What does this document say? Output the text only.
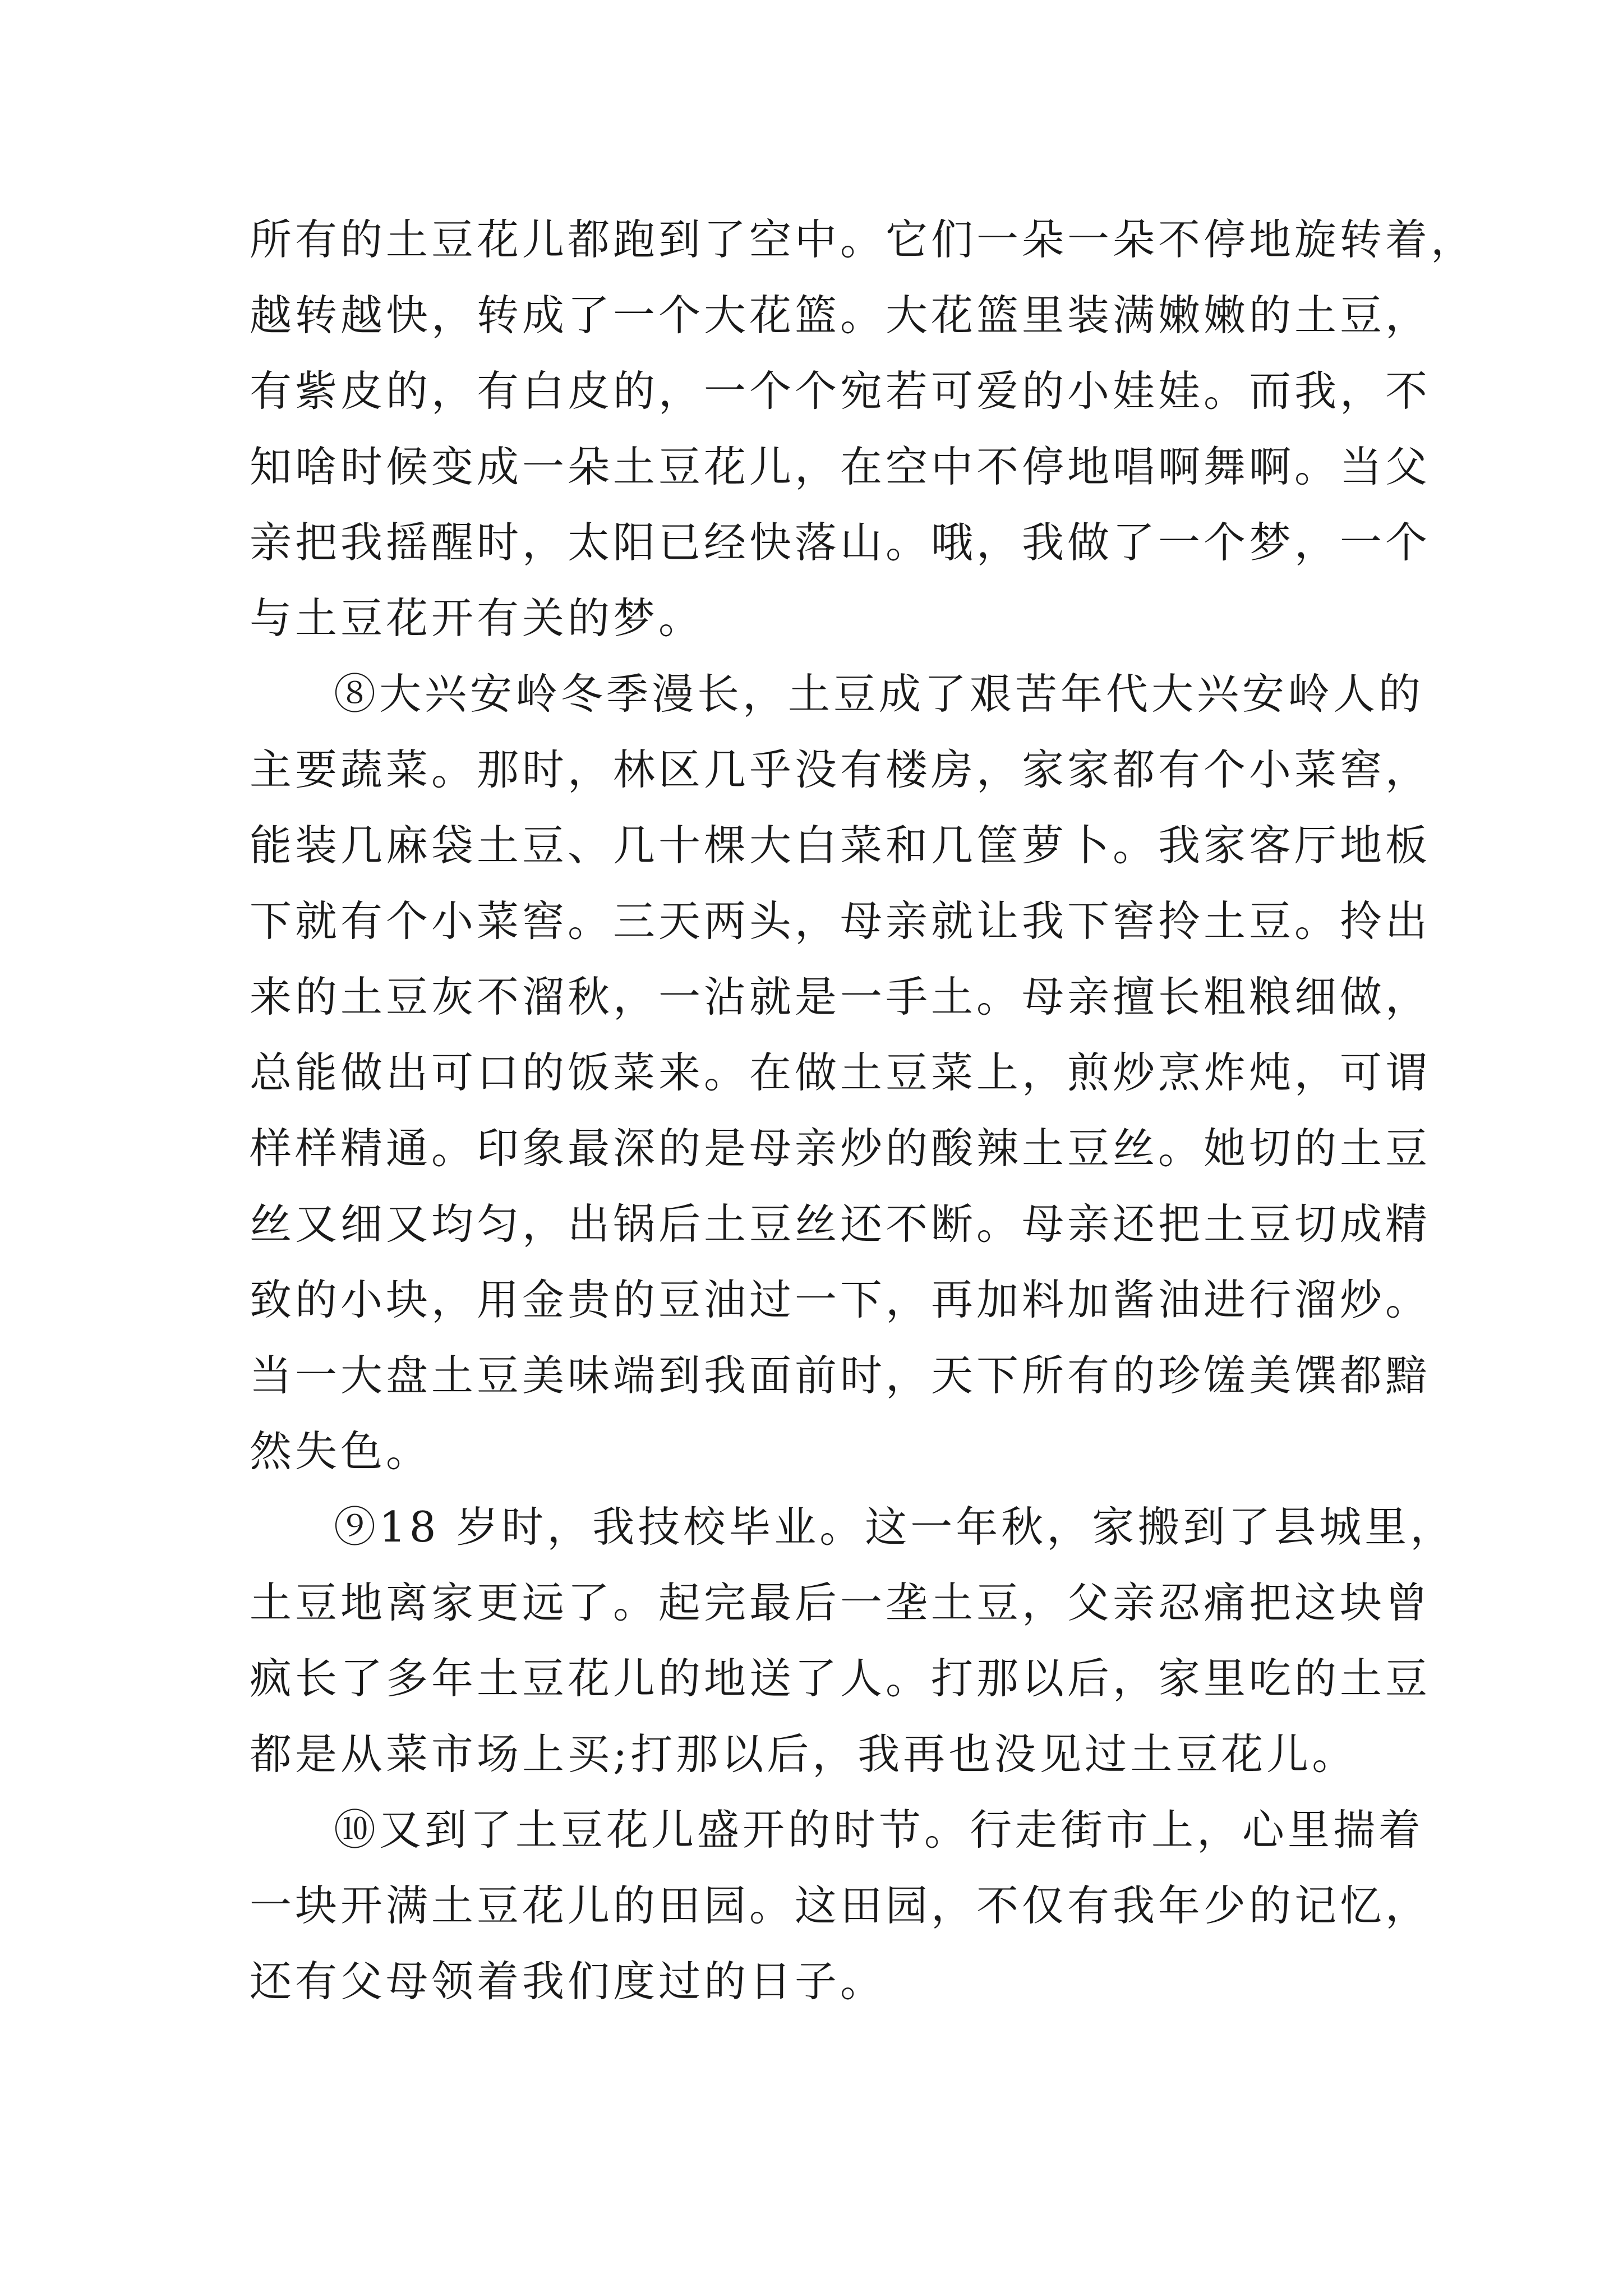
所有的土豆花儿都跑到了空中。它们一朵一朵不停地旋转着，
越转越快，转成了一个大花篮。大花篮里装满嫩嫩的土豆，
有紫皮的，有白皮的，一个个宛若可爱的小娃娃。而我，不
知啥时候变成一朵土豆花儿，在空中不停地唱啊舞啊。当父
亲把我摇醒时，太阳已经快落山。哦，我做了一个梦，一个
与土豆花开有关的梦。
⑧大兴安岭冬季漫长，土豆成了艰苦年代大兴安岭人的
主要蔬菜。那时，林区几乎没有楼房，家家都有个小菜窖，
能装几麻袋土豆、几十棵大白菜和几筐萝卜。我家客厅地板
下就有个小菜窖。三天两头，母亲就让我下窖拎土豆。拎出
来的土豆灰不溜秋，一沾就是一手土。母亲擅长粗粮细做，
总能做出可口的饭菜来。在做土豆菜上，煎炒烹炸炖，可谓
样样精通。印象最深的是母亲炒的酸辣土豆丝。她切的土豆
丝又细又均匀，出锅后土豆丝还不断。母亲还把土豆切成精
致的小块，用金贵的豆油过一下，再加料加酱油进行溜炒。
当一大盘土豆美味端到我面前时，天下所有的珍馐美馔都黯
然失色。
⑨18 岁时，我技校毕业。这一年秋，家搬到了县城里，
土豆地离家更远了。起完最后一垄土豆，父亲忍痛把这块曾
疯长了多年土豆花儿的地送了人。打那以后，家里吃的土豆
都是从菜市场上买;打那以后，我再也没见过土豆花儿。
⑩又到了土豆花儿盛开的时节。行走街市上，心里揣着
一块开满土豆花儿的田园。这田园，不仅有我年少的记忆，
还有父母领着我们度过的日子。
